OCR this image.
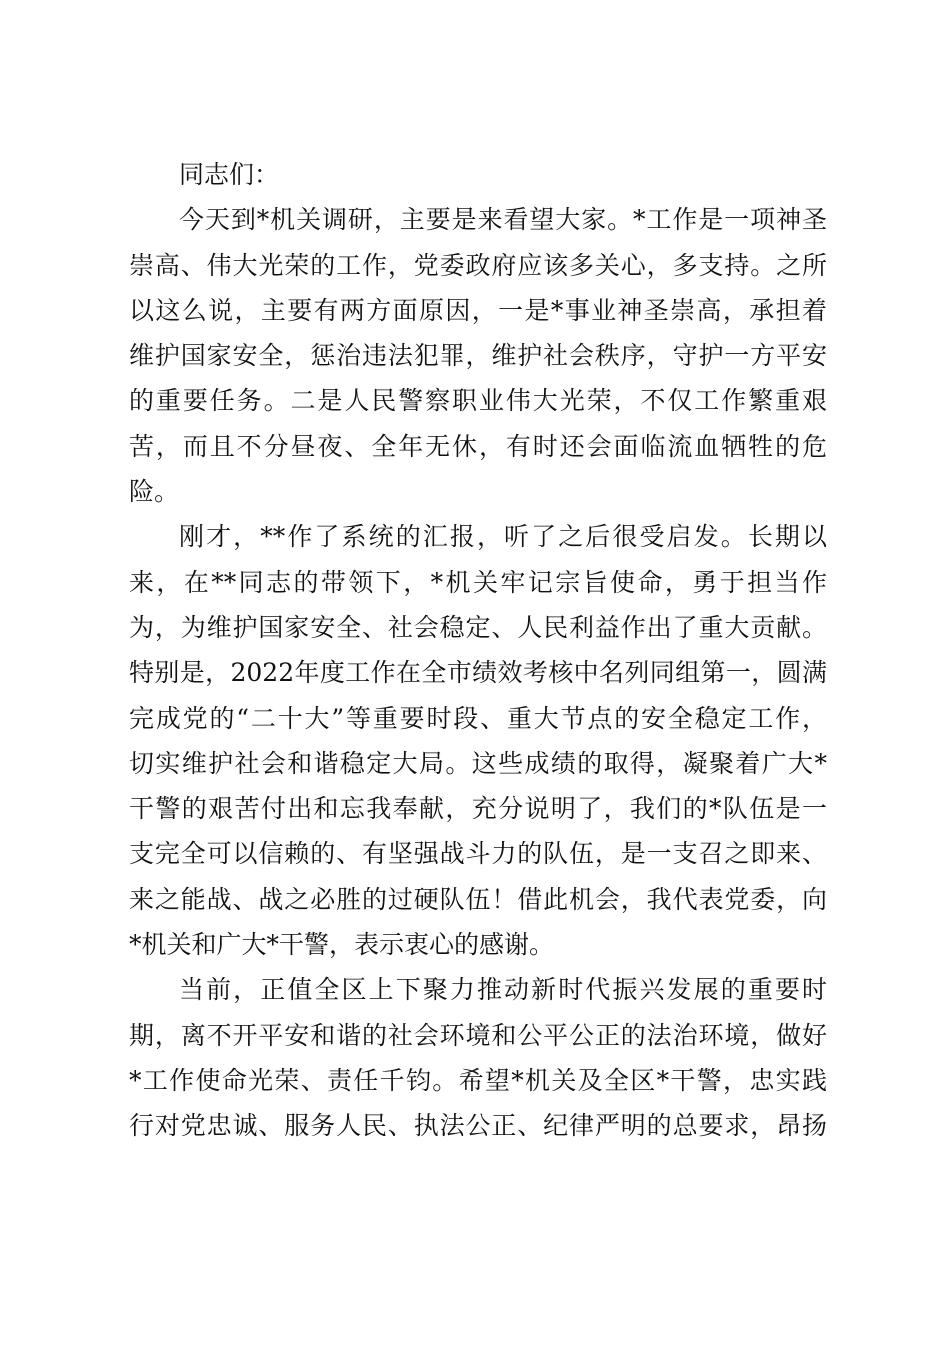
同志们：
今天到*机关调研，主要是来看望大家。*工作是一项神圣
崇高、伟大光荣的工作，党委政府应该多关心，多支持。之所
以这么说，主要有两方面原因，一是*事业神圣崇高，承担着
维护国家安全，惩治违法犯罪，维护社会秩序，守护一方平安
的重要任务。二是人民警察职业伟大光荣，不仅工作繁重艰
苦，而且不分昼夜、全年无休，有时还会面临流血牺牲的危
险。
刚才，**作了系统的汇报，听了之后很受启发。长期以
来，在**同志的带领下，*机关牢记宗旨使命，勇于担当作
为，为维护国家安全、社会稳定、人民利益作出了重大贡献。
特别是，2022年度工作在全市绩效考核中名列同组第一，圆满
完成党的“二十大”等重要时段、重大节点的安全稳定工作，
切实维护社会和谐稳定大局。这些成绩的取得，凝聚着广大*
干警的艰苦付出和忘我奉献，充分说明了，我们的*队伍是一
支完全可以信赖的、有坚强战斗力的队伍，是一支召之即来、
来之能战、战之必胜的过硬队伍！借此机会，我代表党委，向
*机关和广大*干警，表示衷心的感谢。
当前，正值全区上下聚力推动新时代振兴发展的重要时
期，离不开平安和谐的社会环境和公平公正的法治环境，做好
*工作使命光荣、责任千钧。希望*机关及全区*干警，忠实践
行对党忠诚、服务人民、执法公正、纪律严明的总要求，昂扬
